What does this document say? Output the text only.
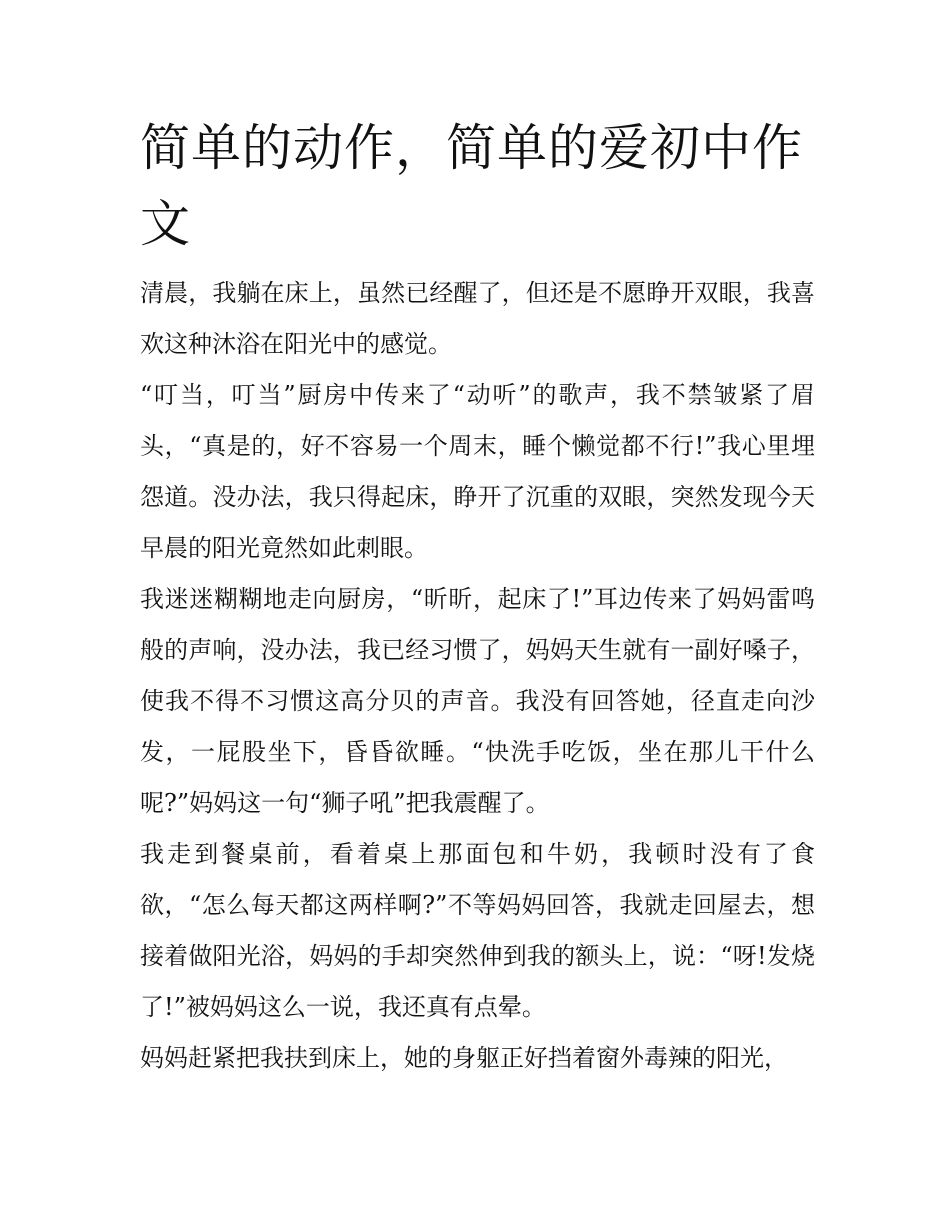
简单的动作，简单的爱初中作文

清晨，我躺在床上，虽然已经醒了，但还是不愿睁开双眼，我喜欢这种沐浴在阳光中的感觉。

“叮当，叮当”厨房中传来了“动听”的歌声，我不禁皱紧了眉头，“真是的，好不容易一个周末，睡个懒觉都不行!”我心里埋怨道。没办法，我只得起床，睁开了沉重的双眼，突然发现今天早晨的阳光竟然如此刺眼。

我迷迷糊糊地走向厨房，“昕昕，起床了!”耳边传来了妈妈雷鸣般的声响，没办法，我已经习惯了，妈妈天生就有一副好嗓子，使我不得不习惯这高分贝的声音。我没有回答她，径直走向沙发，一屁股坐下，昏昏欲睡。“快洗手吃饭，坐在那儿干什么呢?”妈妈这一句“狮子吼”把我震醒了。

我走到餐桌前，看着桌上那面包和牛奶，我顿时没有了食欲，“怎么每天都这两样啊?”不等妈妈回答，我就走回屋去，想接着做阳光浴，妈妈的手却突然伸到我的额头上，说：“呀!发烧了!”被妈妈这么一说，我还真有点晕。

妈妈赶紧把我扶到床上，她的身躯正好挡着窗外毒辣的阳光，
